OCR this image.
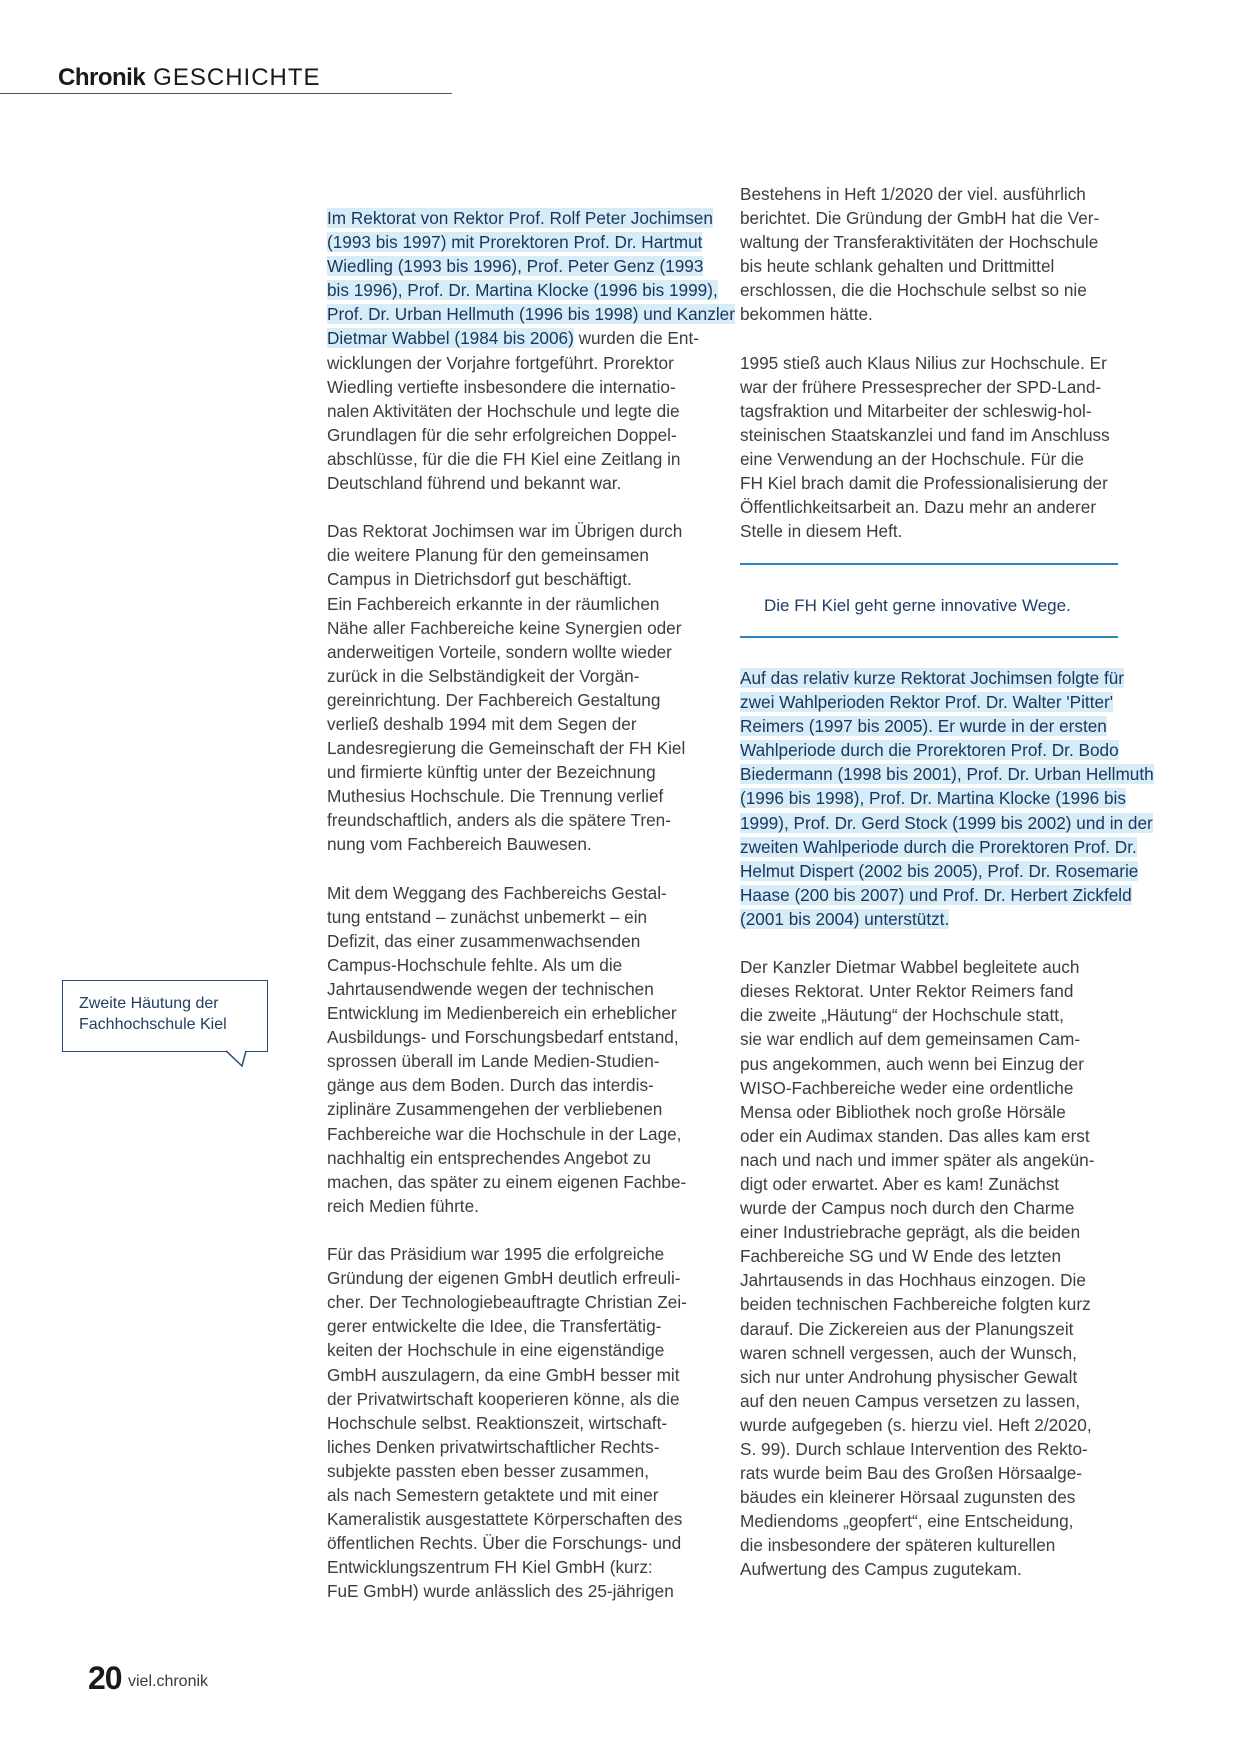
Chronik GESCHICHTE
Zweite Häutung der
Fachhochschule Kiel

Im Rektorat von Rektor Prof. Rolf Peter Jochimsen

(1993 bis 1997) mit Prorektoren Prof. Dr. Hartmut

Wiedling (1993 bis 1996), Prof. Peter Genz (1993

bis 1996), Prof. Dr. Martina Klocke (1996 bis 1999),

Prof. Dr. Urban Hellmuth (1996 bis 1998) und Kanzler

Dietmar Wabbel (1984 bis 2006) wurden die Ent-

wicklungen der Vorjahre fortgeführt. Prorektor

Wiedling vertiefte insbesondere die internatio-

nalen Aktivitäten der Hochschule und legte die

Grundlagen für die sehr erfolgreichen Doppel-

abschlüsse, für die die FH Kiel eine Zeitlang in

Deutschland führend und bekannt war.

Das Rektorat Jochimsen war im Übrigen durch

die weitere Planung für den gemeinsamen

Campus in Dietrichsdorf gut beschäftigt.

Ein Fachbereich erkannte in der räumlichen

Nähe aller Fachbereiche keine Synergien oder

anderweitigen Vorteile, sondern wollte wieder

zurück in die Selbständigkeit der Vorgän-

gereinrichtung. Der Fachbereich Gestaltung

verließ deshalb 1994 mit dem Segen der

Landesregierung die Gemeinschaft der FH Kiel

und firmierte künftig unter der Bezeichnung

Muthesius Hochschule. Die Trennung verlief

freundschaftlich, anders als die spätere Tren-

nung vom Fachbereich Bauwesen.

Mit dem Weggang des Fachbereichs Gestal-

tung entstand – zunächst unbemerkt – ein

Defizit, das einer zusammenwachsenden

Campus-Hochschule fehlte. Als um die

Jahrtausendwende wegen der technischen

Entwicklung im Medienbereich ein erheblicher

Ausbildungs- und Forschungsbedarf entstand,

sprossen überall im Lande Medien-Studien-

gänge aus dem Boden. Durch das interdis-

ziplinäre Zusammengehen der verbliebenen

Fachbereiche war die Hochschule in der Lage,

nachhaltig ein entsprechendes Angebot zu

machen, das später zu einem eigenen Fachbe-

reich Medien führte.

Für das Präsidium war 1995 die erfolgreiche

Gründung der eigenen GmbH deutlich erfreuli-

cher. Der Technologiebeauftragte Christian Zei-

gerer entwickelte die Idee, die Transfertätig-

keiten der Hochschule in eine eigenständige

GmbH auszulagern, da eine GmbH besser mit

der Privatwirtschaft kooperieren könne, als die

Hochschule selbst. Reaktionszeit, wirtschaft-

liches Denken privatwirtschaftlicher Rechts-

subjekte passten eben besser zusammen,

als nach Semestern getaktete und mit einer

Kameralistik ausgestattete Körperschaften des

öffentlichen Rechts. Über die Forschungs- und

Entwicklungszentrum FH Kiel GmbH (kurz:

FuE GmbH) wurde anlässlich des 25-jährigen

Bestehens in Heft 1/2020 der viel. ausführlich

berichtet. Die Gründung der GmbH hat die Ver-

waltung der Transferaktivitäten der Hochschule

bis heute schlank gehalten und Drittmittel

erschlossen, die die Hochschule selbst so nie

bekommen hätte.

1995 stieß auch Klaus Nilius zur Hochschule. Er

war der frühere Pressesprecher der SPD-Land-

tagsfraktion und Mitarbeiter der schleswig-hol-

steinischen Staatskanzlei und fand im Anschluss

eine Verwendung an der Hochschule. Für die

FH Kiel brach damit die Professionalisierung der

Öffentlichkeitsarbeit an. Dazu mehr an anderer

Stelle in diesem Heft.

Die FH Kiel geht gerne innovative Wege.

Auf das relativ kurze Rektorat Jochimsen folgte für

zwei Wahlperioden Rektor Prof. Dr. Walter 'Pitter'

Reimers (1997 bis 2005). Er wurde in der ersten

Wahlperiode durch die Prorektoren Prof. Dr. Bodo

Biedermann (1998 bis 2001), Prof. Dr. Urban Hellmuth

(1996 bis 1998), Prof. Dr. Martina Klocke (1996 bis

1999), Prof. Dr. Gerd Stock (1999 bis 2002) und in der

zweiten Wahlperiode durch die Prorektoren Prof. Dr.

Helmut Dispert (2002 bis 2005), Prof. Dr. Rosemarie

Haase (200 bis 2007) und Prof. Dr. Herbert Zickfeld

(2001 bis 2004) unterstützt.

Der Kanzler Dietmar Wabbel begleitete auch

dieses Rektorat. Unter Rektor Reimers fand

die zweite „Häutung“ der Hochschule statt,

sie war endlich auf dem gemeinsamen Cam-

pus angekommen, auch wenn bei Einzug der

WISO-Fachbereiche weder eine ordentliche

Mensa oder Bibliothek noch große Hörsäle

oder ein Audimax standen. Das alles kam erst

nach und nach und immer später als angekün-

digt oder erwartet. Aber es kam! Zunächst

wurde der Campus noch durch den Charme

einer Industriebrache geprägt, als die beiden

Fachbereiche SG und W Ende des letzten

Jahrtausends in das Hochhaus einzogen. Die

beiden technischen Fachbereiche folgten kurz

darauf. Die Zickereien aus der Planungszeit

waren schnell vergessen, auch der Wunsch,

sich nur unter Androhung physischer Gewalt

auf den neuen Campus versetzen zu lassen,

wurde aufgegeben (s. hierzu viel. Heft 2/2020,

S. 99). Durch schlaue Intervention des Rekto-

rats wurde beim Bau des Großen Hörsaalge-

bäudes ein kleinerer Hörsaal zugunsten des

Mediendoms „geopfert“, eine Entscheidung,

die insbesondere der späteren kulturellen

Aufwertung des Campus zugutekam.

20 viel.chronik
